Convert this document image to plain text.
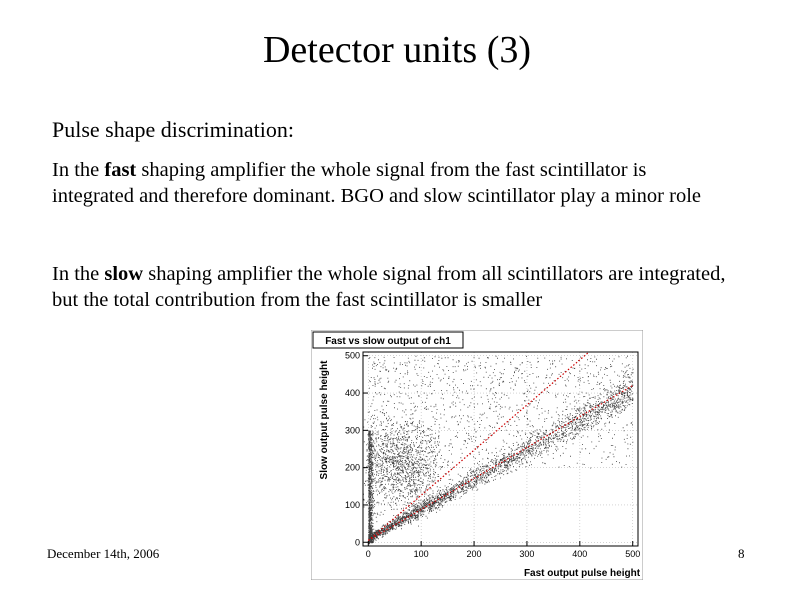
Detector units (3)
Pulse shape discrimination:
In the fast shaping amplifier the whole signal from the fast scintillator is integrated and therefore dominant. BGO and slow scintillator play a minor role
In the slow shaping amplifier the whole signal from all scintillators are integrated, but the total contribution from the fast scintillator is smaller
0	100	200	300	400	500
0
100
200
300
400
500
Fast vs slow output of ch1
Fast output pulse height
Slow output pulse height
December 14th, 2006	8
